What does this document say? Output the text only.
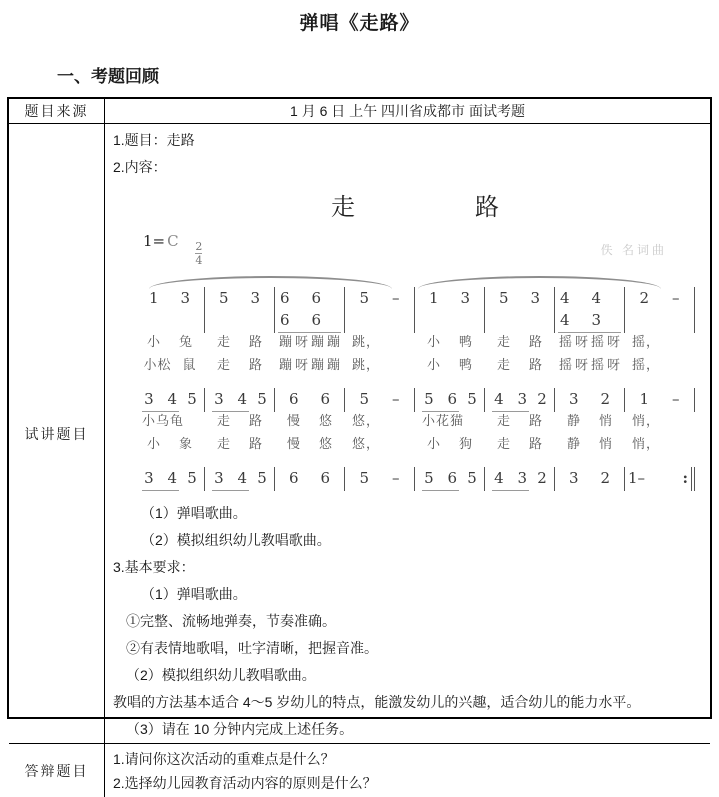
弹唱《走路》
一、考题回顾
题目来源	1 月 6 日 上午 四川省成都市 面试考题
试讲题目
1.题目：走路
2.内容：
走	路
1= C $\frac{2}{4}$	佚 名词曲
1 3 5 3 6 6
6 6
5 – 1 3 5 3 4 4
4 3
2 –
小 兔 走 路 蹦 呀 蹦 蹦 跳，	小 鸭 走 路 摇 呀 摇 呀 摇，
小松 鼠 走 路 蹦 呀 蹦 蹦 跳，	小 鸭 走 路 摇 呀 摇 呀 摇，
3 4 5 3 4 5 6 6 5 – 5 6 5 4 3 2 3 2 1 –
小乌龟	走 路 慢 悠 悠，	小花猫	走 路 静 悄 悄，
小 象 走 路 慢 悠 悠，	小 狗 走 路 静 悄 悄，
3 4 5 3 4 5 6 6 5 – 5 6 5 4 3 2 3 2 1 – :
（1）弹唱歌曲。
（2）模拟组织幼儿教唱歌曲。
3.基本要求：
（1）弹唱歌曲。
①完整、流畅地弹奏，节奏准确。
②有表情地歌唱，吐字清晰，把握音准。
（2）模拟组织幼儿教唱歌曲。
教唱的方法基本适合 4～5 岁幼儿的特点，能激发幼儿的兴趣，适合幼儿的能力水平。
（3）请在 10 分钟内完成上述任务。
答辩题目
1.请问你这次活动的重难点是什么？
2.选择幼儿园教育活动内容的原则是什么？
